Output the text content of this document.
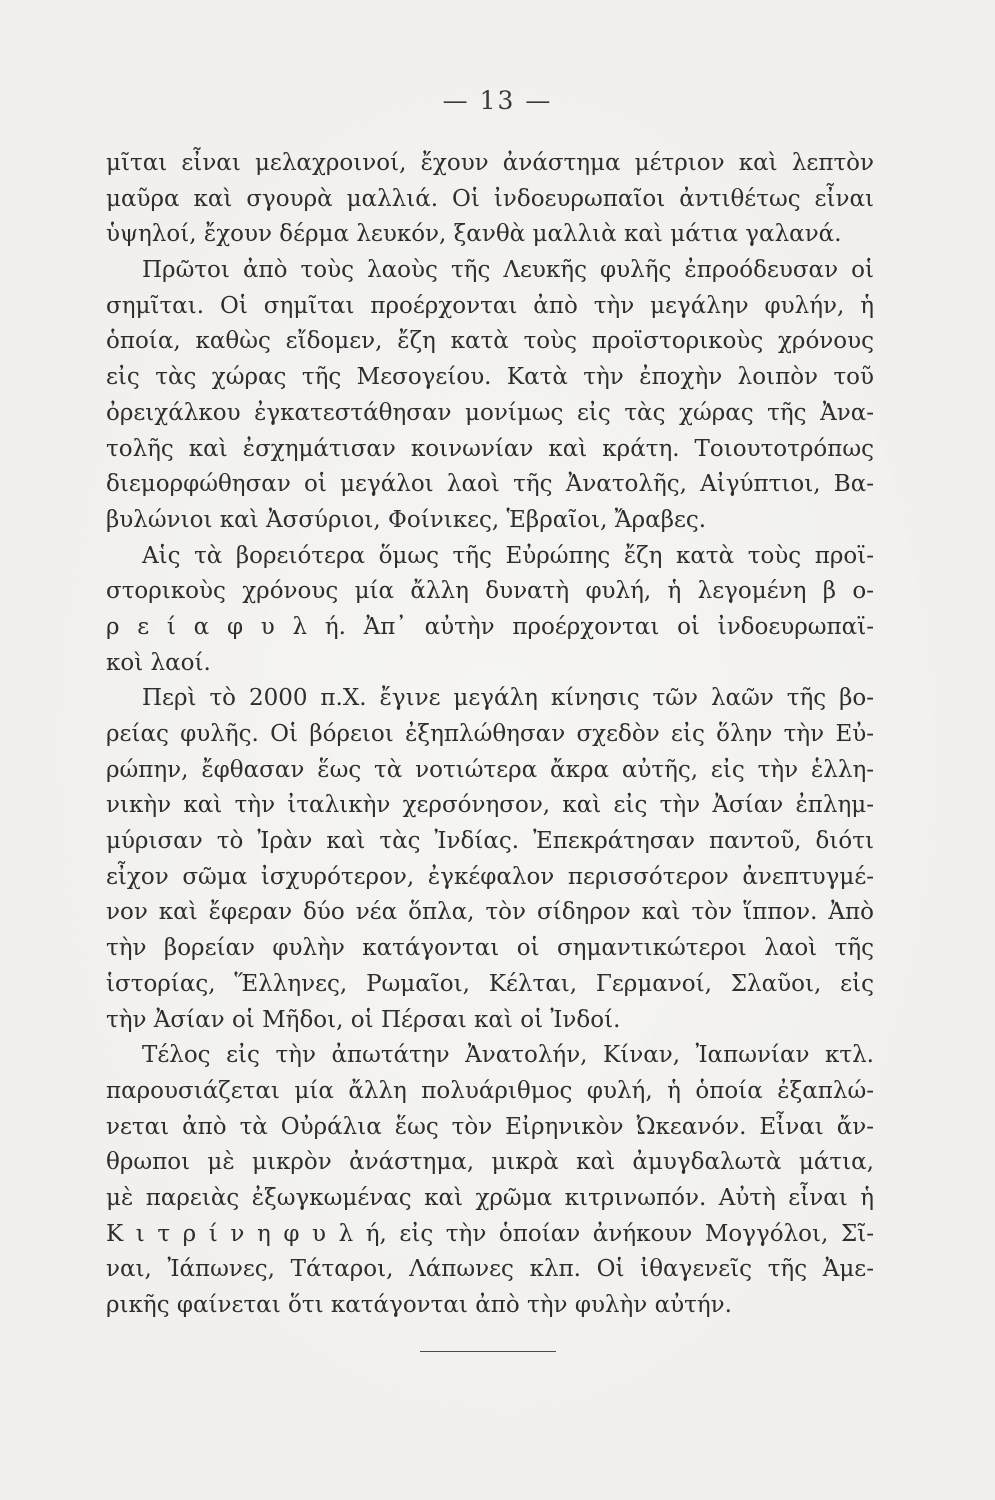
— 13 —
μῖται εἶναι μελαχροινοί, ἔχουν ἀνάστημα μέτριον καὶ λεπτὸν
μαῦρα καὶ σγουρὰ μαλλιά. Οἱ ἰνδοευρωπαῖοι ἀντιθέτως εἶναι
ὑψηλοί, ἔχουν δέρμα λευκόν, ξανθὰ μαλλιὰ καὶ μάτια γαλανά.
Πρῶτοι ἀπὸ τοὺς λαοὺς τῆς Λευκῆς φυλῆς ἐπροόδευσαν οἱ
σημῖται. Οἱ σημῖται προέρχονται ἀπὸ τὴν μεγάλην φυλήν, ἡ
ὁποία, καθὼς εἴδομεν, ἔζη κατὰ τοὺς προϊστορικοὺς χρόνους
εἰς τὰς χώρας τῆς Μεσογείου. Κατὰ τὴν ἐποχὴν λοιπὸν τοῦ
ὀρειχάλκου ἐγκατεστάθησαν μονίμως εἰς τὰς χώρας τῆς Ἀνα-
τολῆς καὶ ἐσχημάτισαν κοινωνίαν καὶ κράτη. Τοιουτοτρόπως
διεμορφώθησαν οἱ μεγάλοι λαοὶ τῆς Ἀνατολῆς, Αἰγύπτιοι, Βα-
βυλώνιοι καὶ Ἀσσύριοι, Φοίνικες, Ἑβραῖοι, Ἄραβες.
Αἱς τὰ βορειότερα ὅμως τῆς Εὐρώπης ἔζη κατὰ τοὺς προϊ-
στορικοὺς χρόνους μία ἄλλη δυνατὴ φυλή, ἡ λεγομένη β ο-
ρ ε ί α φ υ λ ή. Ἀπ᾿ αὐτὴν προέρχονται οἱ ἰνδοευρωπαϊ-
κοὶ λαοί.
Περὶ τὸ 2000 π.Χ. ἔγινε μεγάλη κίνησις τῶν λαῶν τῆς βο-
ρείας φυλῆς. Οἱ βόρειοι ἐξηπλώθησαν σχεδὸν εἰς ὅλην τὴν Εὐ-
ρώπην, ἔφθασαν ἕως τὰ νοτιώτερα ἄκρα αὐτῆς, εἰς τὴν ἑλλη-
νικὴν καὶ τὴν ἰταλικὴν χερσόνησον, καὶ εἰς τὴν Ἀσίαν ἐπλημ-
μύρισαν τὸ Ἰρὰν καὶ τὰς Ἰνδίας. Ἐπεκράτησαν παντοῦ, διότι
εἶχον σῶμα ἰσχυρότερον, ἐγκέφαλον περισσότερον ἀνεπτυγμέ-
νον καὶ ἔφεραν δύο νέα ὅπλα, τὸν σίδηρον καὶ τὸν ἵππον. Ἀπὸ
τὴν βορείαν φυλὴν κατάγονται οἱ σημαντικώτεροι λαοὶ τῆς
ἱστορίας, Ἕλληνες, Ρωμαῖοι, Κέλται, Γερμανοί, Σλαῦοι, εἰς
τὴν Ἀσίαν οἱ Μῆδοι, οἱ Πέρσαι καὶ οἱ Ἰνδοί.
Τέλος εἰς τὴν ἀπωτάτην Ἀνατολήν, Κίναν, Ἰαπωνίαν κτλ.
παρουσιάζεται μία ἄλλη πολυάριθμος φυλή, ἡ ὁποία ἐξαπλώ-
νεται ἀπὸ τὰ Οὐράλια ἕως τὸν Εἰρηνικὸν Ὠκεανόν. Εἶναι ἄν-
θρωποι μὲ μικρὸν ἀνάστημα, μικρὰ καὶ ἀμυγδαλωτὰ μάτια,
μὲ παρειὰς ἐξωγκωμένας καὶ χρῶμα κιτρινωπόν. Αὐτὴ εἶναι ἡ
Κ ι τ ρ ί ν η φ υ λ ή, εἰς τὴν ὁποίαν ἀνήκουν Μογγόλοι, Σῖ-
ναι, Ἰάπωνες, Τάταροι, Λάπωνες κλπ. Οἱ ἰθαγενεῖς τῆς Ἀμε-
ρικῆς φαίνεται ὅτι κατάγονται ἀπὸ τὴν φυλὴν αὐτήν.
